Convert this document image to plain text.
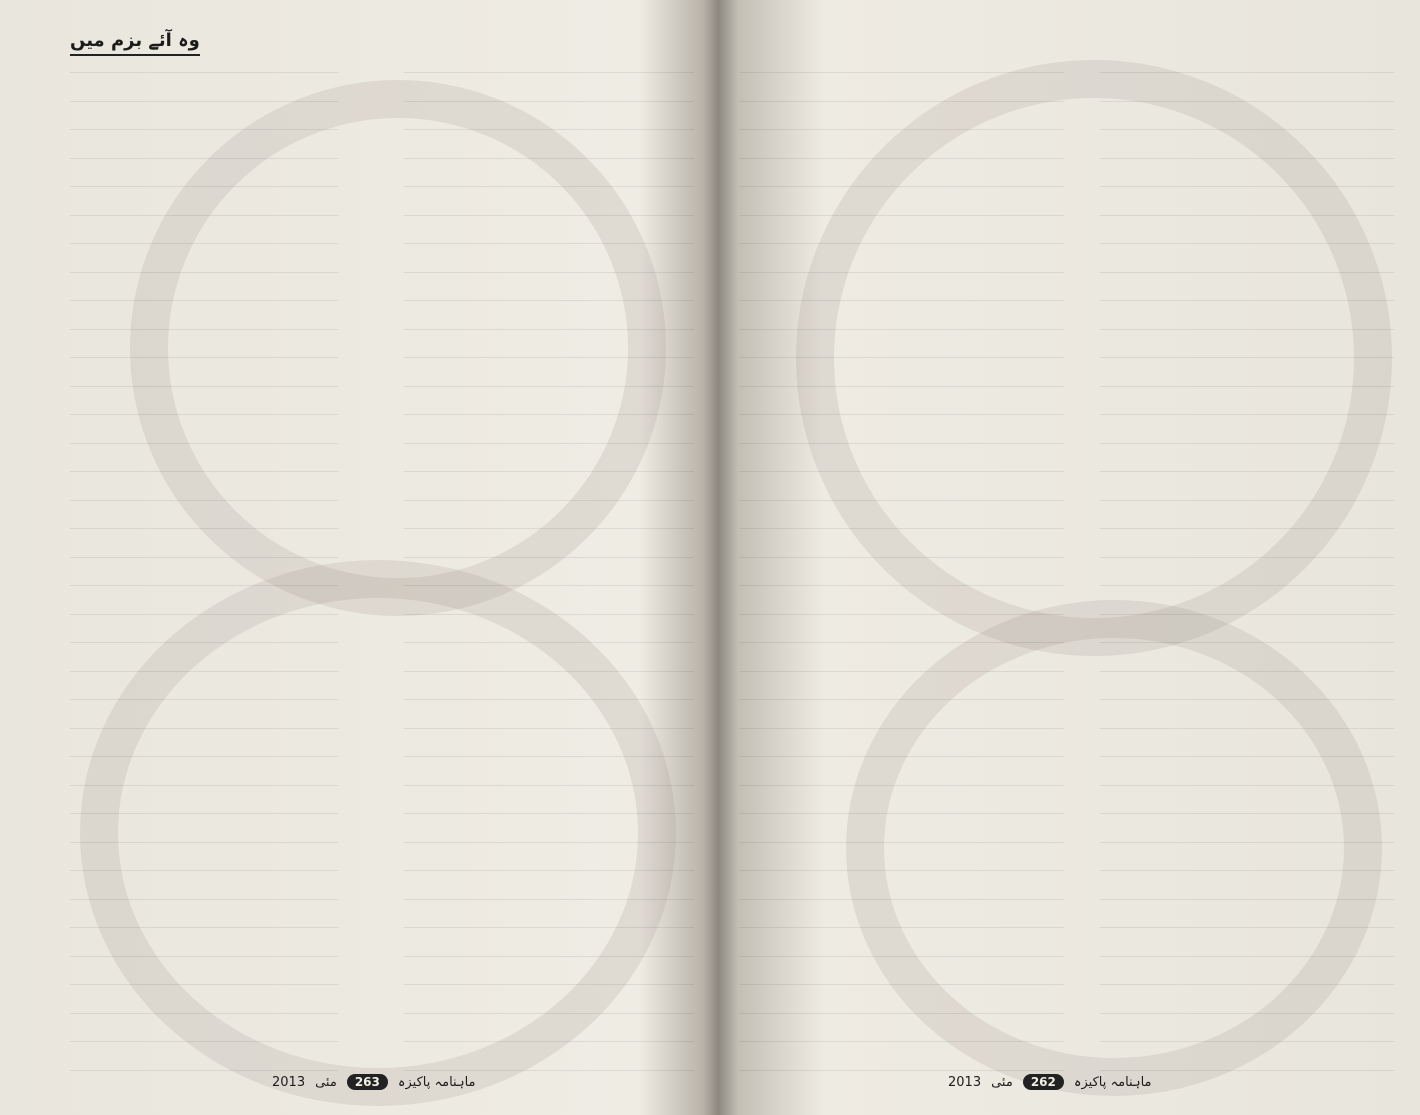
وہ آئے بزم میں
2013 مئی	263	ماہنامہ پاکیزہ	2013 مئی	262	ماہنامہ پاکیزہ
